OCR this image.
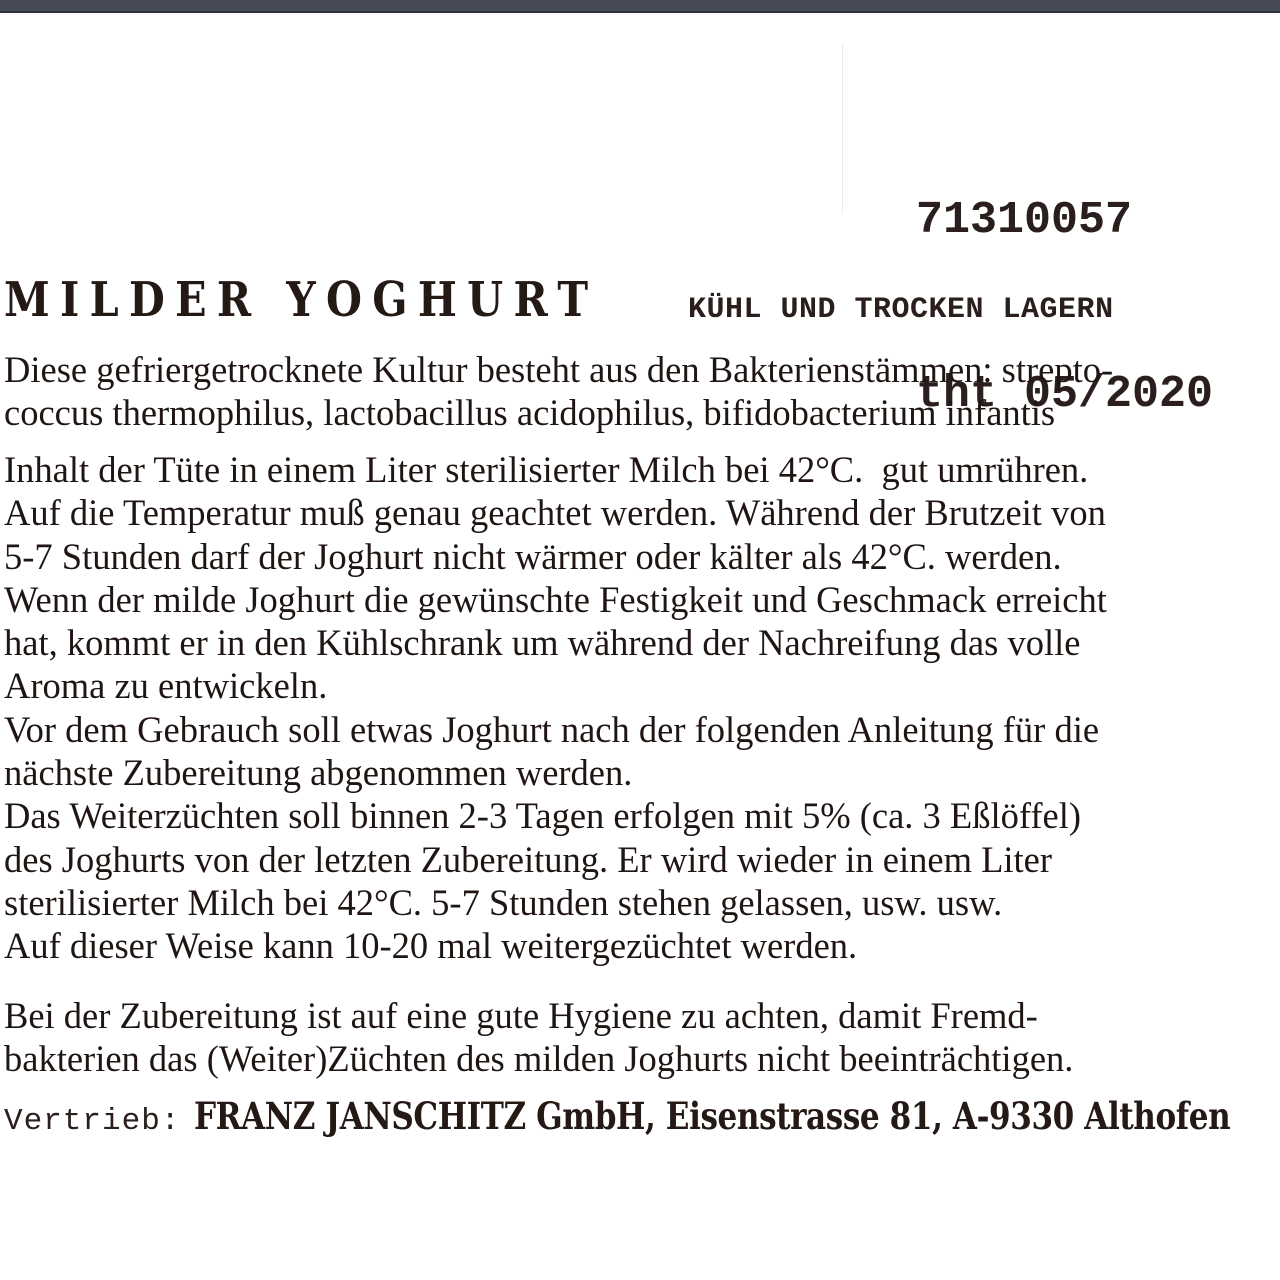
71310057

tht 05/2020

MILDER YOGHURT	KÜHL UND TROCKEN LAGERN

Diese gefriergetrocknete Kultur besteht aus den Bakterienstämmen: strepto-

coccus thermophilus, lactobacillus acidophilus, bifidobacterium infantis

Inhalt der Tüte in einem Liter sterilisierter Milch bei 42°C.  gut umrühren.

Auf die Temperatur muß genau geachtet werden. Während der Brutzeit von

5-7 Stunden darf der Joghurt nicht wärmer oder kälter als 42°C. werden.

Wenn der milde Joghurt die gewünschte Festigkeit und Geschmack erreicht

hat, kommt er in den Kühlschrank um während der Nachreifung das volle

Aroma zu entwickeln.

Vor dem Gebrauch soll etwas Joghurt nach der folgenden Anleitung für die

nächste Zubereitung abgenommen werden.

Das Weiterzüchten soll binnen 2-3 Tagen erfolgen mit 5% (ca. 3 Eßlöffel)

des Joghurts von der letzten Zubereitung. Er wird wieder in einem Liter

sterilisierter Milch bei 42°C. 5-7 Stunden stehen gelassen, usw. usw.

Auf dieser Weise kann 10-20 mal weitergezüchtet werden.

Bei der Zubereitung ist auf eine gute Hygiene zu achten, damit Fremd-

bakterien das (Weiter)Züchten des milden Joghurts nicht beeinträchtigen.

Vertrieb: FRANZ JANSCHITZ GmbH, Eisenstrasse 81, A-9330 Althofen
